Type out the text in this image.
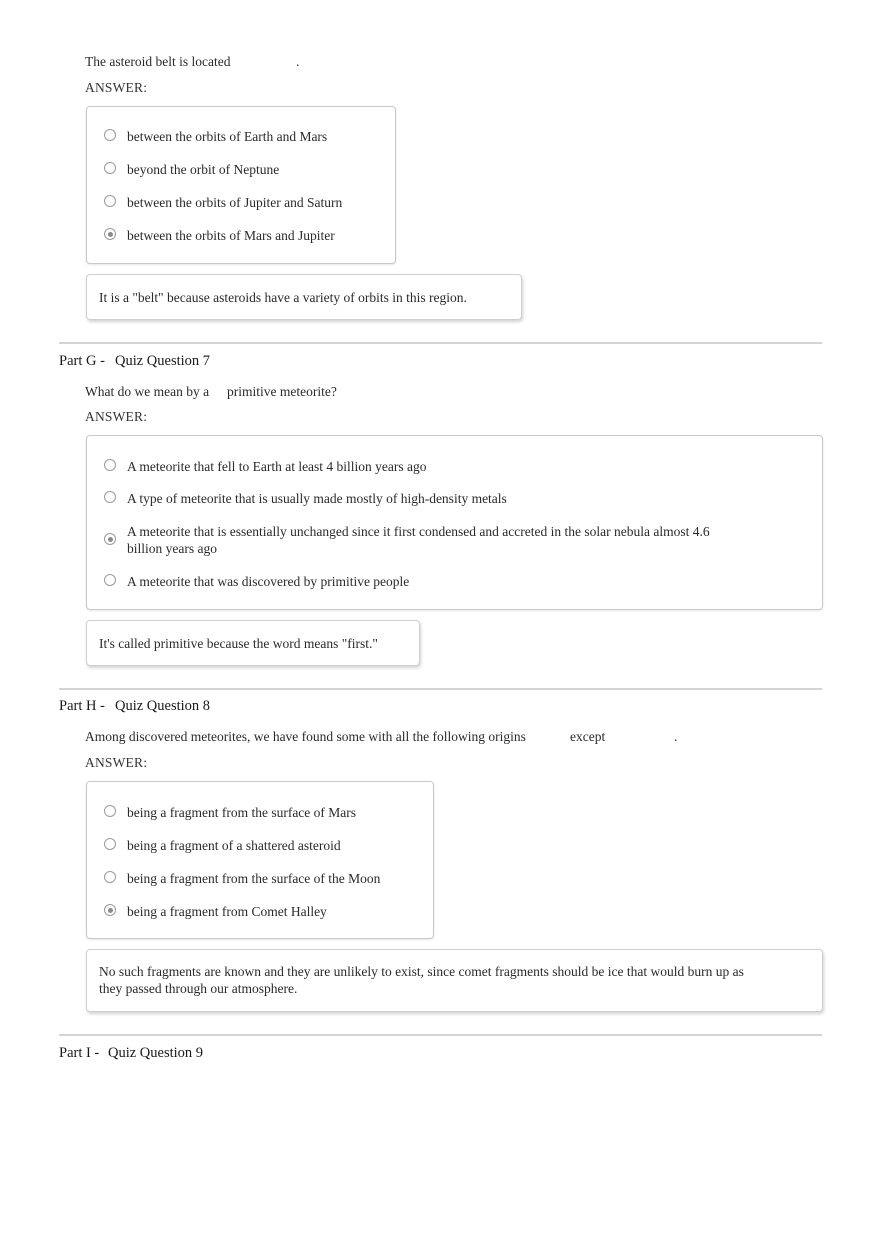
The asteroid belt is located	.
ANSWER:
between the orbits of Earth and Mars
beyond the orbit of Neptune
between the orbits of Jupiter and Saturn
between the orbits of Mars and Jupiter
It is a "belt" because asteroids have a variety of orbits in this region.
Part G - Quiz Question 7
What do we mean by a primitive meteorite?
ANSWER:
A meteorite that fell to Earth at least 4 billion years ago
A type of meteorite that is usually made mostly of high-density metals
A meteorite that is essentially unchanged since it first condensed and accreted in the solar nebula almost 4.6 billion years ago
A meteorite that was discovered by primitive people
It's called primitive because the word means "first."
Part H - Quiz Question 8
Among discovered meteorites, we have found some with all the following origins	except	.
ANSWER:
being a fragment from the surface of Mars
being a fragment of a shattered asteroid
being a fragment from the surface of the Moon
being a fragment from Comet Halley
No such fragments are known and they are unlikely to exist, since comet fragments should be ice that would burn up as they passed through our atmosphere.
Part I - Quiz Question 9
